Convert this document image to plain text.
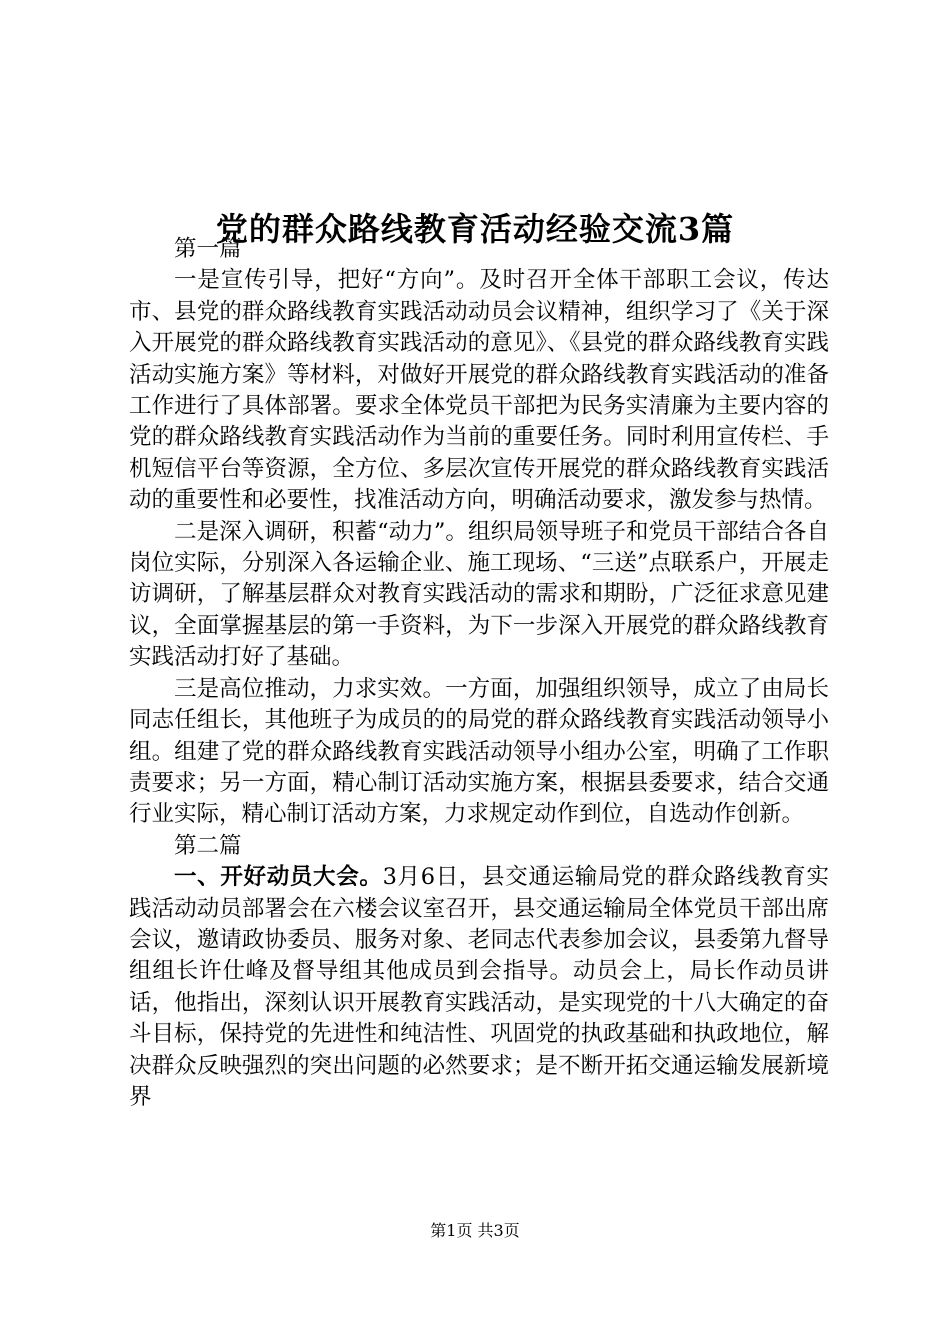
党的群众路线教育活动经验交流3篇

第一篇

一是宣传引导，把好“方向”。及时召开全体干部职工会议，传达市、县党的群众路线教育实践活动动员会议精神，组织学习了《关于深入开展党的群众路线教育实践活动的意见》、《县党的群众路线教育实践活动实施方案》等材料，对做好开展党的群众路线教育实践活动的准备工作进行了具体部署。要求全体党员干部把为民务实清廉为主要内容的党的群众路线教育实践活动作为当前的重要任务。同时利用宣传栏、手机短信平台等资源，全方位、多层次宣传开展党的群众路线教育实践活动的重要性和必要性，找准活动方向，明确活动要求，激发参与热情。

二是深入调研，积蓄“动力”。组织局领导班子和党员干部结合各自岗位实际，分别深入各运输企业、施工现场、“三送”点联系户，开展走访调研，了解基层群众对教育实践活动的需求和期盼，广泛征求意见建议，全面掌握基层的第一手资料，为下一步深入开展党的群众路线教育实践活动打好了基础。

三是高位推动，力求实效。一方面，加强组织领导，成立了由局长同志任组长，其他班子为成员的的局党的群众路线教育实践活动领导小组。组建了党的群众路线教育实践活动领导小组办公室，明确了工作职责要求；另一方面，精心制订活动实施方案，根据县委要求，结合交通行业实际，精心制订活动方案，力求规定动作到位，自选动作创新。

第二篇

一、开好动员大会。3月6日，县交通运输局党的群众路线教育实践活动动员部署会在六楼会议室召开，县交通运输局全体党员干部出席会议，邀请政协委员、服务对象、老同志代表参加会议，县委第九督导组组长许仕峰及督导组其他成员到会指导。动员会上，局长作动员讲话，他指出，深刻认识开展教育实践活动，是实现党的十八大确定的奋斗目标，保持党的先进性和纯洁性、巩固党的执政基础和执政地位，解决群众反映强烈的突出问题的必然要求；是不断开拓交通运输发展新境界

第1页 共3页
